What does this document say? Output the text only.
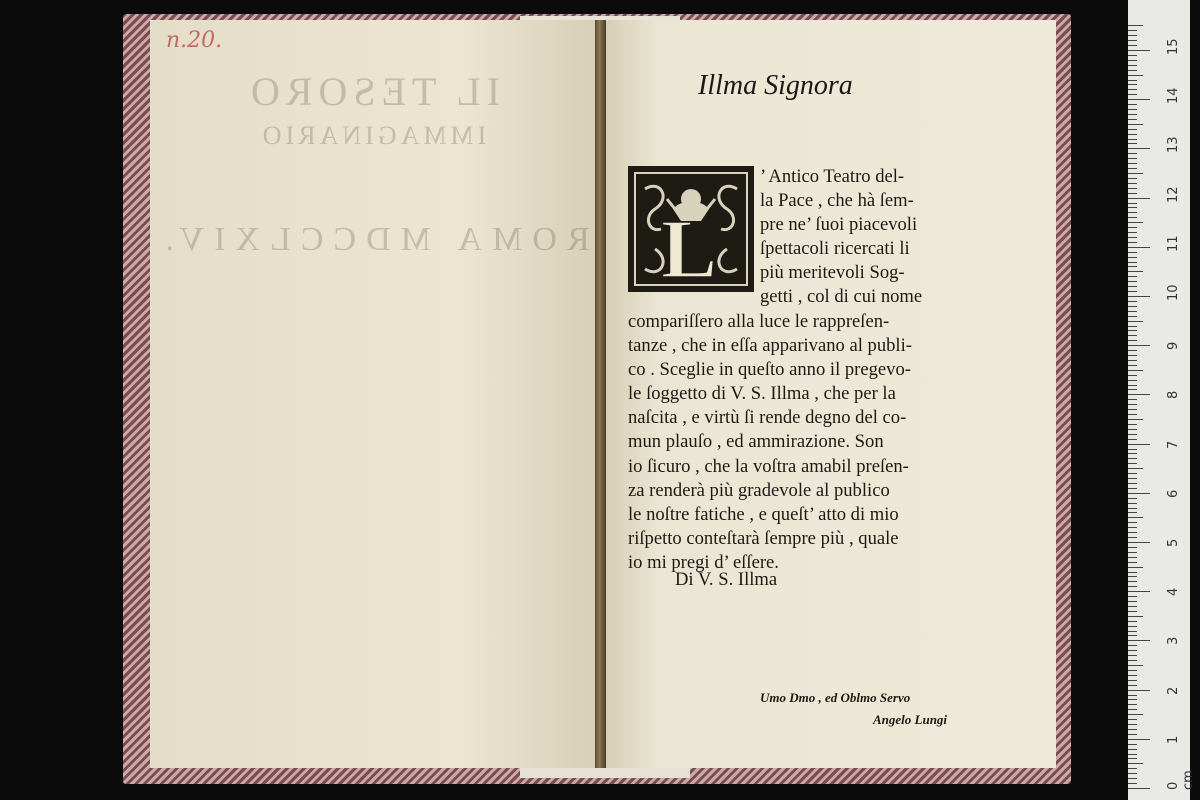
n.20.
IL TESORO
IMMAGINARIO
ROMA MDCCLXIV.
Illma Signora
L
’ Antico Teatro del-
la Pace , che hà ſem-
pre ne’ ſuoi piacevoli
ſpettacoli ricercati li
più meritevoli Sog-
getti , col di cui nome
compariſſero alla luce le rappreſen-
tanze , che in eſſa apparivano al publi-
co . Sceglie in queſto anno il pregevo-
le ſoggetto di V. S. Illma , che per la
naſcita , e virtù ſi rende degno del co-
mun plauſo , ed ammirazione. Son
io ſicuro , che la voſtra amabil preſen-
za renderà più gradevole al publico
le noſtre fatiche , e queſt’ atto di mio
riſpetto conteſtarà ſempre più , quale
io mi pregi d’ eſſere.
Di V. S. Illma
Umo Dmo , ed Oblmo Servo
Angelo Lungi
0 cm
1
2
3
4
5
6
7
8
9
10
11
12
13
14
15
